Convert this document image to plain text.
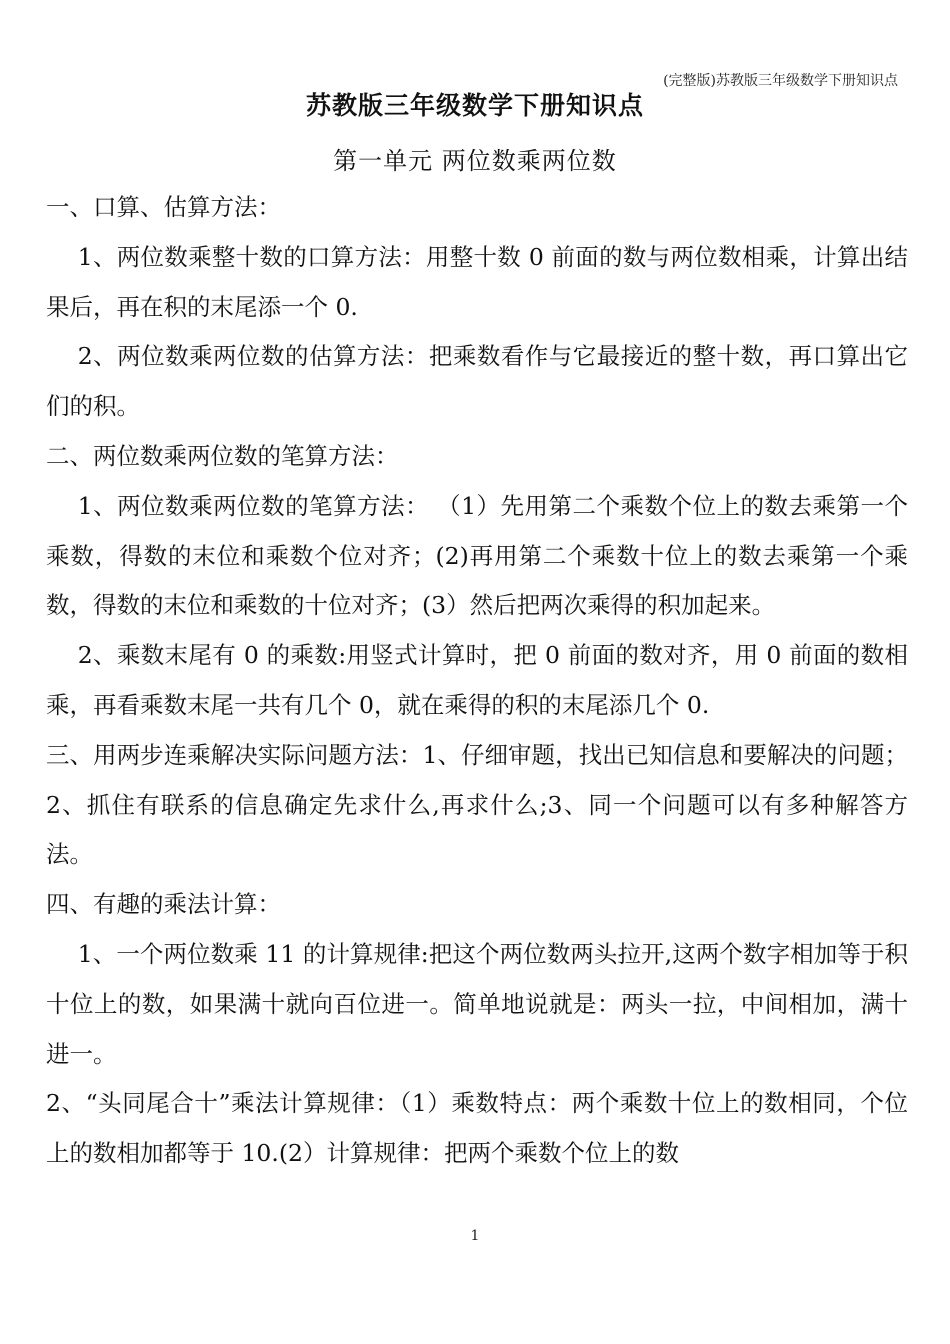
(完整版)苏教版三年级数学下册知识点
苏教版三年级数学下册知识点
第一单元 两位数乘两位数

一、口算、估算方法：

1、两位数乘整十数的口算方法：用整十数 0 前面的数与两位数相乘，计算出结果后，再在积的末尾添一个 0.

2、两位数乘两位数的估算方法：把乘数看作与它最接近的整十数，再口算出它们的积。

二、两位数乘两位数的笔算方法：

1、两位数乘两位数的笔算方法： （1）先用第二个乘数个位上的数去乘第一个乘数，得数的末位和乘数个位对齐；(2)再用第二个乘数十位上的数去乘第一个乘数，得数的末位和乘数的十位对齐；(3）然后把两次乘得的积加起来。

2、乘数末尾有 0 的乘数:用竖式计算时，把 0 前面的数对齐，用 0 前面的数相乘，再看乘数末尾一共有几个 0，就在乘得的积的末尾添几个 0.

三、用两步连乘解决实际问题方法：1、仔细审题，找出已知信息和要解决的问题；2、抓住有联系的信息确定先求什么,再求什么;3、同一个问题可以有多种解答方法。

四、有趣的乘法计算：

1、一个两位数乘 11 的计算规律:把这个两位数两头拉开,这两个数字相加等于积十位上的数，如果满十就向百位进一。简单地说就是：两头一拉，中间相加，满十进一。

2、“头同尾合十”乘法计算规律：（1）乘数特点：两个乘数十位上的数相同，个位上的数相加都等于 10.(2）计算规律：把两个乘数个位上的数

1
